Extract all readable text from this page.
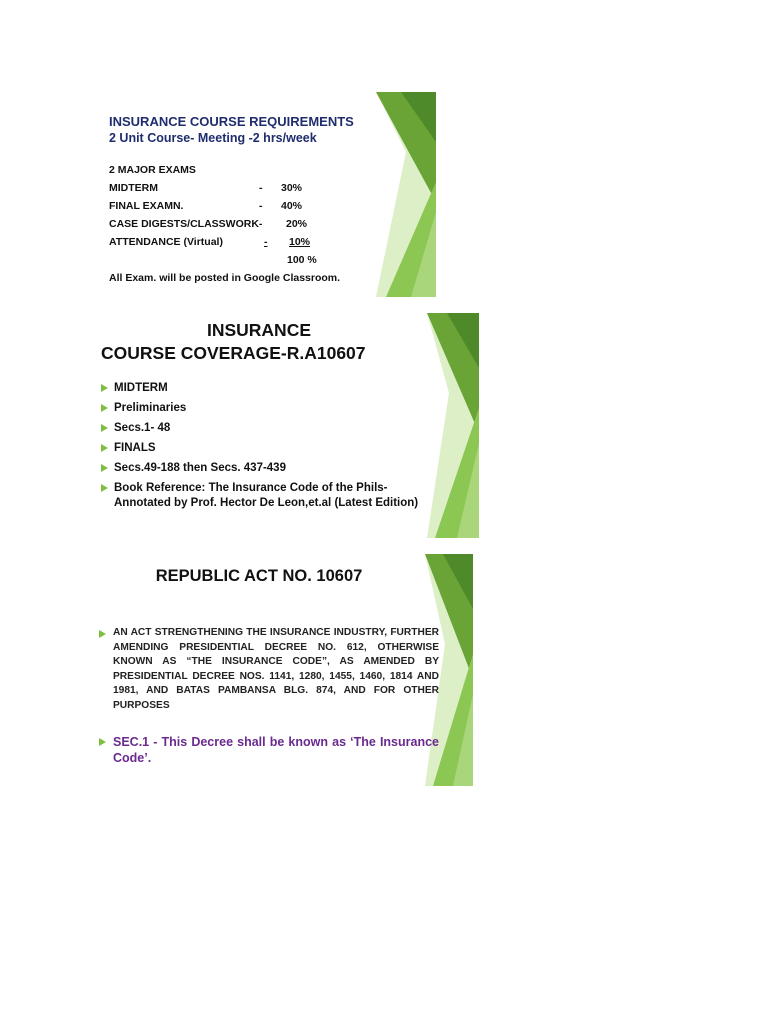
INSURANCE COURSE REQUIREMENTS
2 Unit Course- Meeting -2 hrs/week
2 MAJOR EXAMS
MIDTERM	- 30%
FINAL EXAMN.	- 40%
CASE DIGESTS/CLASSWORK- 20%
ATTENDANCE (Virtual)	- 10%
100 %
All Exam. will be posted in Google Classroom.
INSURANCE
COURSE COVERAGE-R.A10607
MIDTERM
Preliminaries
Secs.1- 48
FINALS
Secs.49-188 then Secs. 437-439
Book Reference: The Insurance Code of the Phils-Annotated by Prof. Hector De Leon,et.al (Latest Edition)
REPUBLIC ACT NO. 10607
AN ACT STRENGTHENING THE INSURANCE INDUSTRY, FURTHER AMENDING PRESIDENTIAL DECREE NO. 612, OTHERWISE KNOWN AS “THE INSURANCE CODE”, AS AMENDED BY PRESIDENTIAL DECREE NOS. 1141, 1280, 1455, 1460, 1814 AND 1981, AND BATAS PAMBANSA BLG. 874, AND FOR OTHER PURPOSES
SEC.1 - This Decree shall be known as ‘The Insurance Code’.
